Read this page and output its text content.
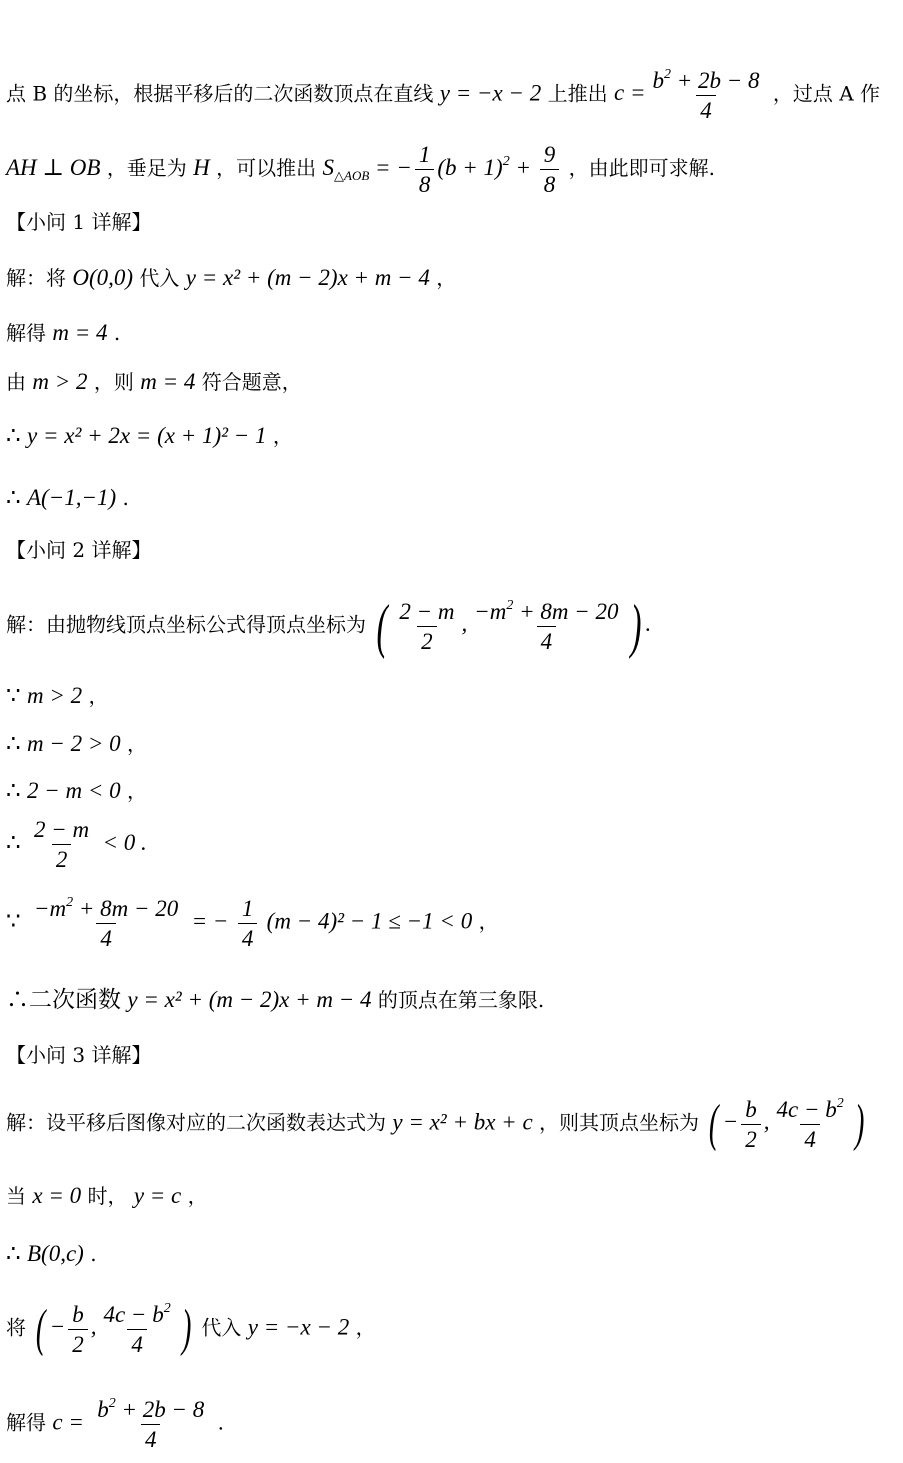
点 B 的坐标，根据平移后的二次函数顶点在直线 y = −x − 2 上推出 $c = \frac{b^2 + 2b - 8}{4}$ ，过点 A 作
AH ⊥ OB ，垂足为 H ，可以推出 $S_{\triangle AOB}$ = − $\frac{1}{8} (b + 1)^2 + \frac{9}{8}$ ，由此即可求解.
【小问 1 详解】
解：将 O(0,0) 代入 y = x² + (m − 2)x + m − 4 ，
解得 m = 4 .
由 m > 2 ，则 m = 4 符合题意，
∴ y = x² + 2x = (x + 1)² − 1 ，
∴ A(−1,−1) .
【小问 2 详解】
解：由抛物线顶点坐标公式得顶点坐标为 ( $\frac{2 - m}{2}$ , $\frac{-m^2 + 8m - 20}{4}$ ) .
∵ m > 2 ，
∴ m − 2 > 0 ，
∴ 2 − m < 0 ，
∴ $\frac{2 - m}{2} < 0$ .
∵ $\frac{-m^2 + 8m - 20}{4}$ = − $\frac{1}{4} (m - 4)^2 - 1 \le -1 < 0$ ，
∴二次函数 y = x² + (m − 2)x + m − 4 的顶点在第三象限.
【小问 3 详解】
解：设平移后图像对应的二次函数表达式为 y = x² + bx + c ，则其顶点坐标为 ( − $\frac{b}{2}$ , $\frac{4c - b^2}{4}$ )
当 x = 0 时， y = c ，
∴ B(0,c) .
将 ( − $\frac{b}{2}$ , $\frac{4c - b^2}{4}$ ) 代入 y = −x − 2 ，
解得 $c = \frac{b^2 + 2b - 8}{4}$ .
